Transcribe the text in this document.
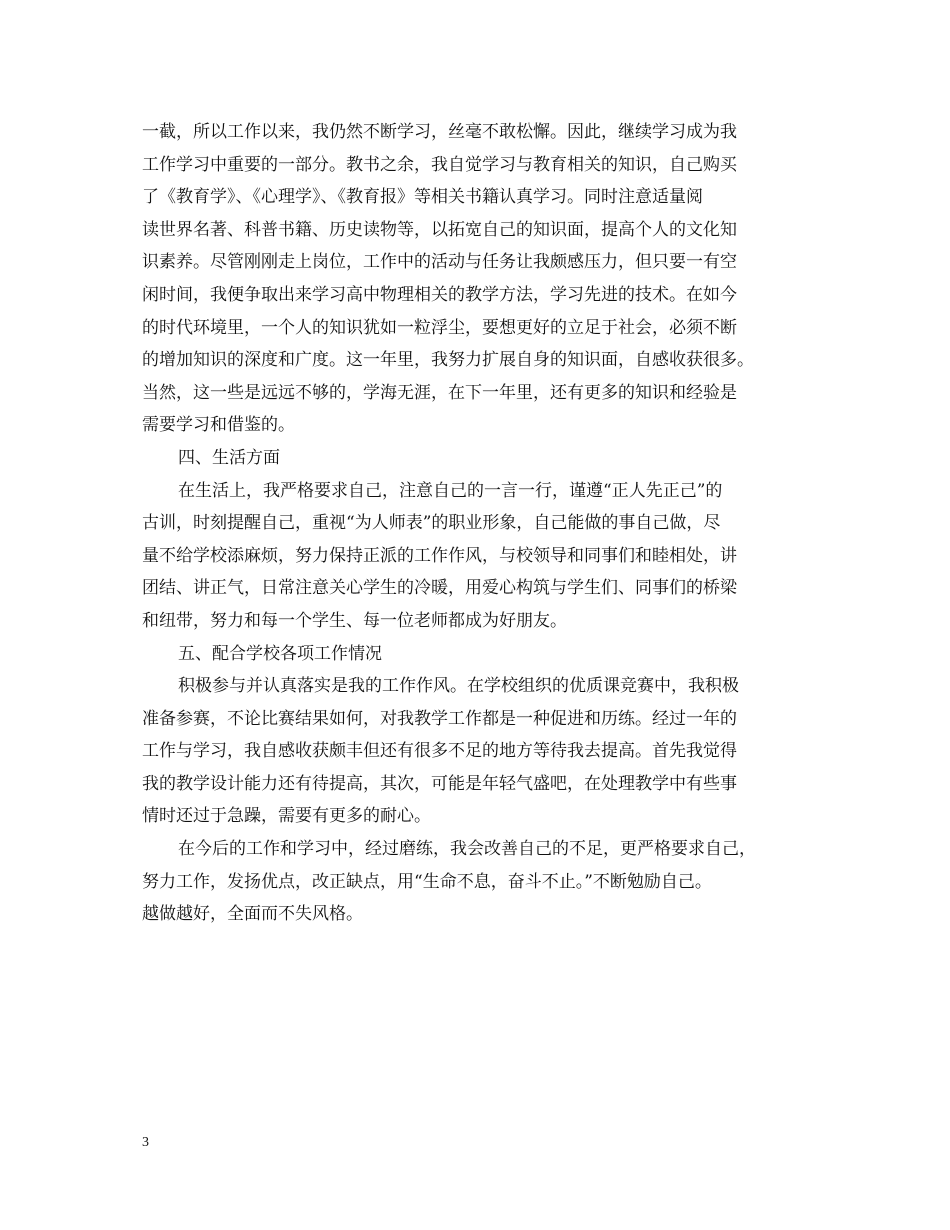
一截，所以工作以来，我仍然不断学习，丝毫不敢松懈。因此，继续学习成为我
工作学习中重要的一部分。教书之余，我自觉学习与教育相关的知识，自己购买
了《教育学》、《心理学》、《教育报》等相关书籍认真学习。同时注意适量阅
读世界名著、科普书籍、历史读物等，以拓宽自己的知识面，提高个人的文化知
识素养。尽管刚刚走上岗位，工作中的活动与任务让我颇感压力，但只要一有空
闲时间，我便争取出来学习高中物理相关的教学方法，学习先进的技术。在如今
的时代环境里，一个人的知识犹如一粒浮尘，要想更好的立足于社会，必须不断
的增加知识的深度和广度。这一年里，我努力扩展自身的知识面，自感收获很多。
当然，这一些是远远不够的，学海无涯，在下一年里，还有更多的知识和经验是
需要学习和借鉴的。
四、生活方面
在生活上，我严格要求自己，注意自己的一言一行，谨遵“正人先正己”的
古训，时刻提醒自己，重视“为人师表”的职业形象，自己能做的事自己做，尽
量不给学校添麻烦，努力保持正派的工作作风，与校领导和同事们和睦相处，讲
团结、讲正气，日常注意关心学生的冷暖，用爱心构筑与学生们、同事们的桥梁
和纽带，努力和每一个学生、每一位老师都成为好朋友。
五、配合学校各项工作情况
积极参与并认真落实是我的工作作风。在学校组织的优质课竞赛中，我积极
准备参赛，不论比赛结果如何，对我教学工作都是一种促进和历练。经过一年的
工作与学习，我自感收获颇丰但还有很多不足的地方等待我去提高。首先我觉得
我的教学设计能力还有待提高，其次，可能是年轻气盛吧，在处理教学中有些事
情时还过于急躁，需要有更多的耐心。
在今后的工作和学习中，经过磨练，我会改善自己的不足，更严格要求自己，
努力工作，发扬优点，改正缺点，用“生命不息，奋斗不止。”不断勉励自己。
越做越好，全面而不失风格。
3
